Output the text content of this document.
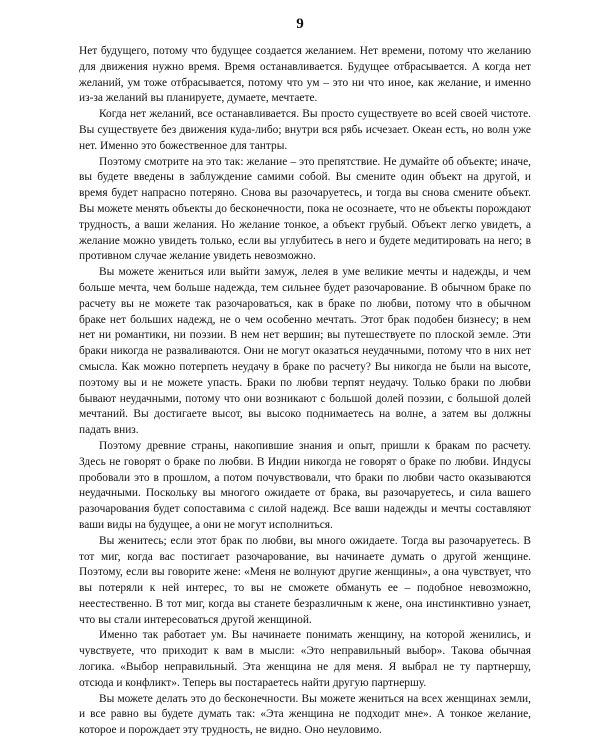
9

Нет будущего, потому что будущее создается желанием. Нет времени, потому что желанию для движения нужно время. Время останавливается. Будущее отбрасывается. А когда нет желаний, ум тоже отбрасывается, потому что ум – это ни что иное, как желание, и именно из-за желаний вы планируете, думаете, мечтаете.

Когда нет желаний, все останавливается. Вы просто существуете во всей своей чистоте. Вы существуете без движения куда-либо; внутри вся рябь исчезает. Океан есть, но волн уже нет. Именно это божественное для тантры.

Поэтому смотрите на это так: желание – это препятствие. Не думайте об объекте; иначе, вы будете введены в заблуждение самими собой. Вы смените один объект на другой, и время будет напрасно потеряно. Снова вы разочаруетесь, и тогда вы снова смените объект. Вы можете менять объекты до бесконечности, пока не осознаете, что не объекты порождают трудность, а ваши желания. Но желание тонкое, а объект грубый. Объект легко увидеть, а желание можно увидеть только, если вы углубитесь в него и будете медитировать на него; в противном случае желание увидеть невозможно.

Вы можете жениться или выйти замуж, лелея в уме великие мечты и надежды, и чем больше мечта, чем больше надежда, тем сильнее будет разочарование. В обычном браке по расчету вы не можете так разочароваться, как в браке по любви, потому что в обычном браке нет больших надежд, не о чем особенно мечтать. Этот брак подобен бизнесу; в нем нет ни романтики, ни поэзии. В нем нет вершин; вы путешествуете по плоской земле. Эти браки никогда не разваливаются. Они не могут оказаться неудачными, потому что в них нет смысла. Как можно потерпеть неудачу в браке по расчету? Вы никогда не были на высоте, поэтому вы и не можете упасть. Браки по любви терпят неудачу. Только браки по любви бывают неудачными, потому что они возникают с большой долей поэзии, с большой долей мечтаний. Вы достигаете высот, вы высоко поднимаетесь на волне, а затем вы должны падать вниз.

Поэтому древние страны, накопившие знания и опыт, пришли к бракам по расчету. Здесь не говорят о браке по любви. В Индии никогда не говорят о браке по любви. Индусы пробовали это в прошлом, а потом почувствовали, что браки по любви часто оказываются неудачными. Поскольку вы многого ожидаете от брака, вы разочаруетесь, и сила вашего разочарования будет сопоставима с силой надежд. Все ваши надежды и мечты составляют ваши виды на будущее, а они не могут исполниться.

Вы женитесь; если этот брак по любви, вы много ожидаете. Тогда вы разочаруетесь. В тот миг, когда вас постигает разочарование, вы начинаете думать о другой женщине. Поэтому, если вы говорите жене: «Меня не волнуют другие женщины», а она чувствует, что вы потеряли к ней интерес, то вы не сможете обмануть ее – подобное невозможно, неестественно. В тот миг, когда вы станете безразличным к жене, она инстинктивно узнает, что вы стали интересоваться другой женщиной.

Именно так работает ум. Вы начинаете понимать женщину, на которой женились, и чувствуете, что приходит к вам в мысли: «Это неправильный выбор». Такова обычная логика. «Выбор неправильный. Эта женщина не для меня. Я выбрал не ту партнершу, отсюда и конфликт». Теперь вы постараетесь найти другую партнершу.

Вы можете делать это до бесконечности. Вы можете жениться на всех женщинах земли, и все равно вы будете думать так: «Эта женщина не подходит мне». А тонкое желание, которое и порождает эту трудность, не видно. Оно неуловимо.
